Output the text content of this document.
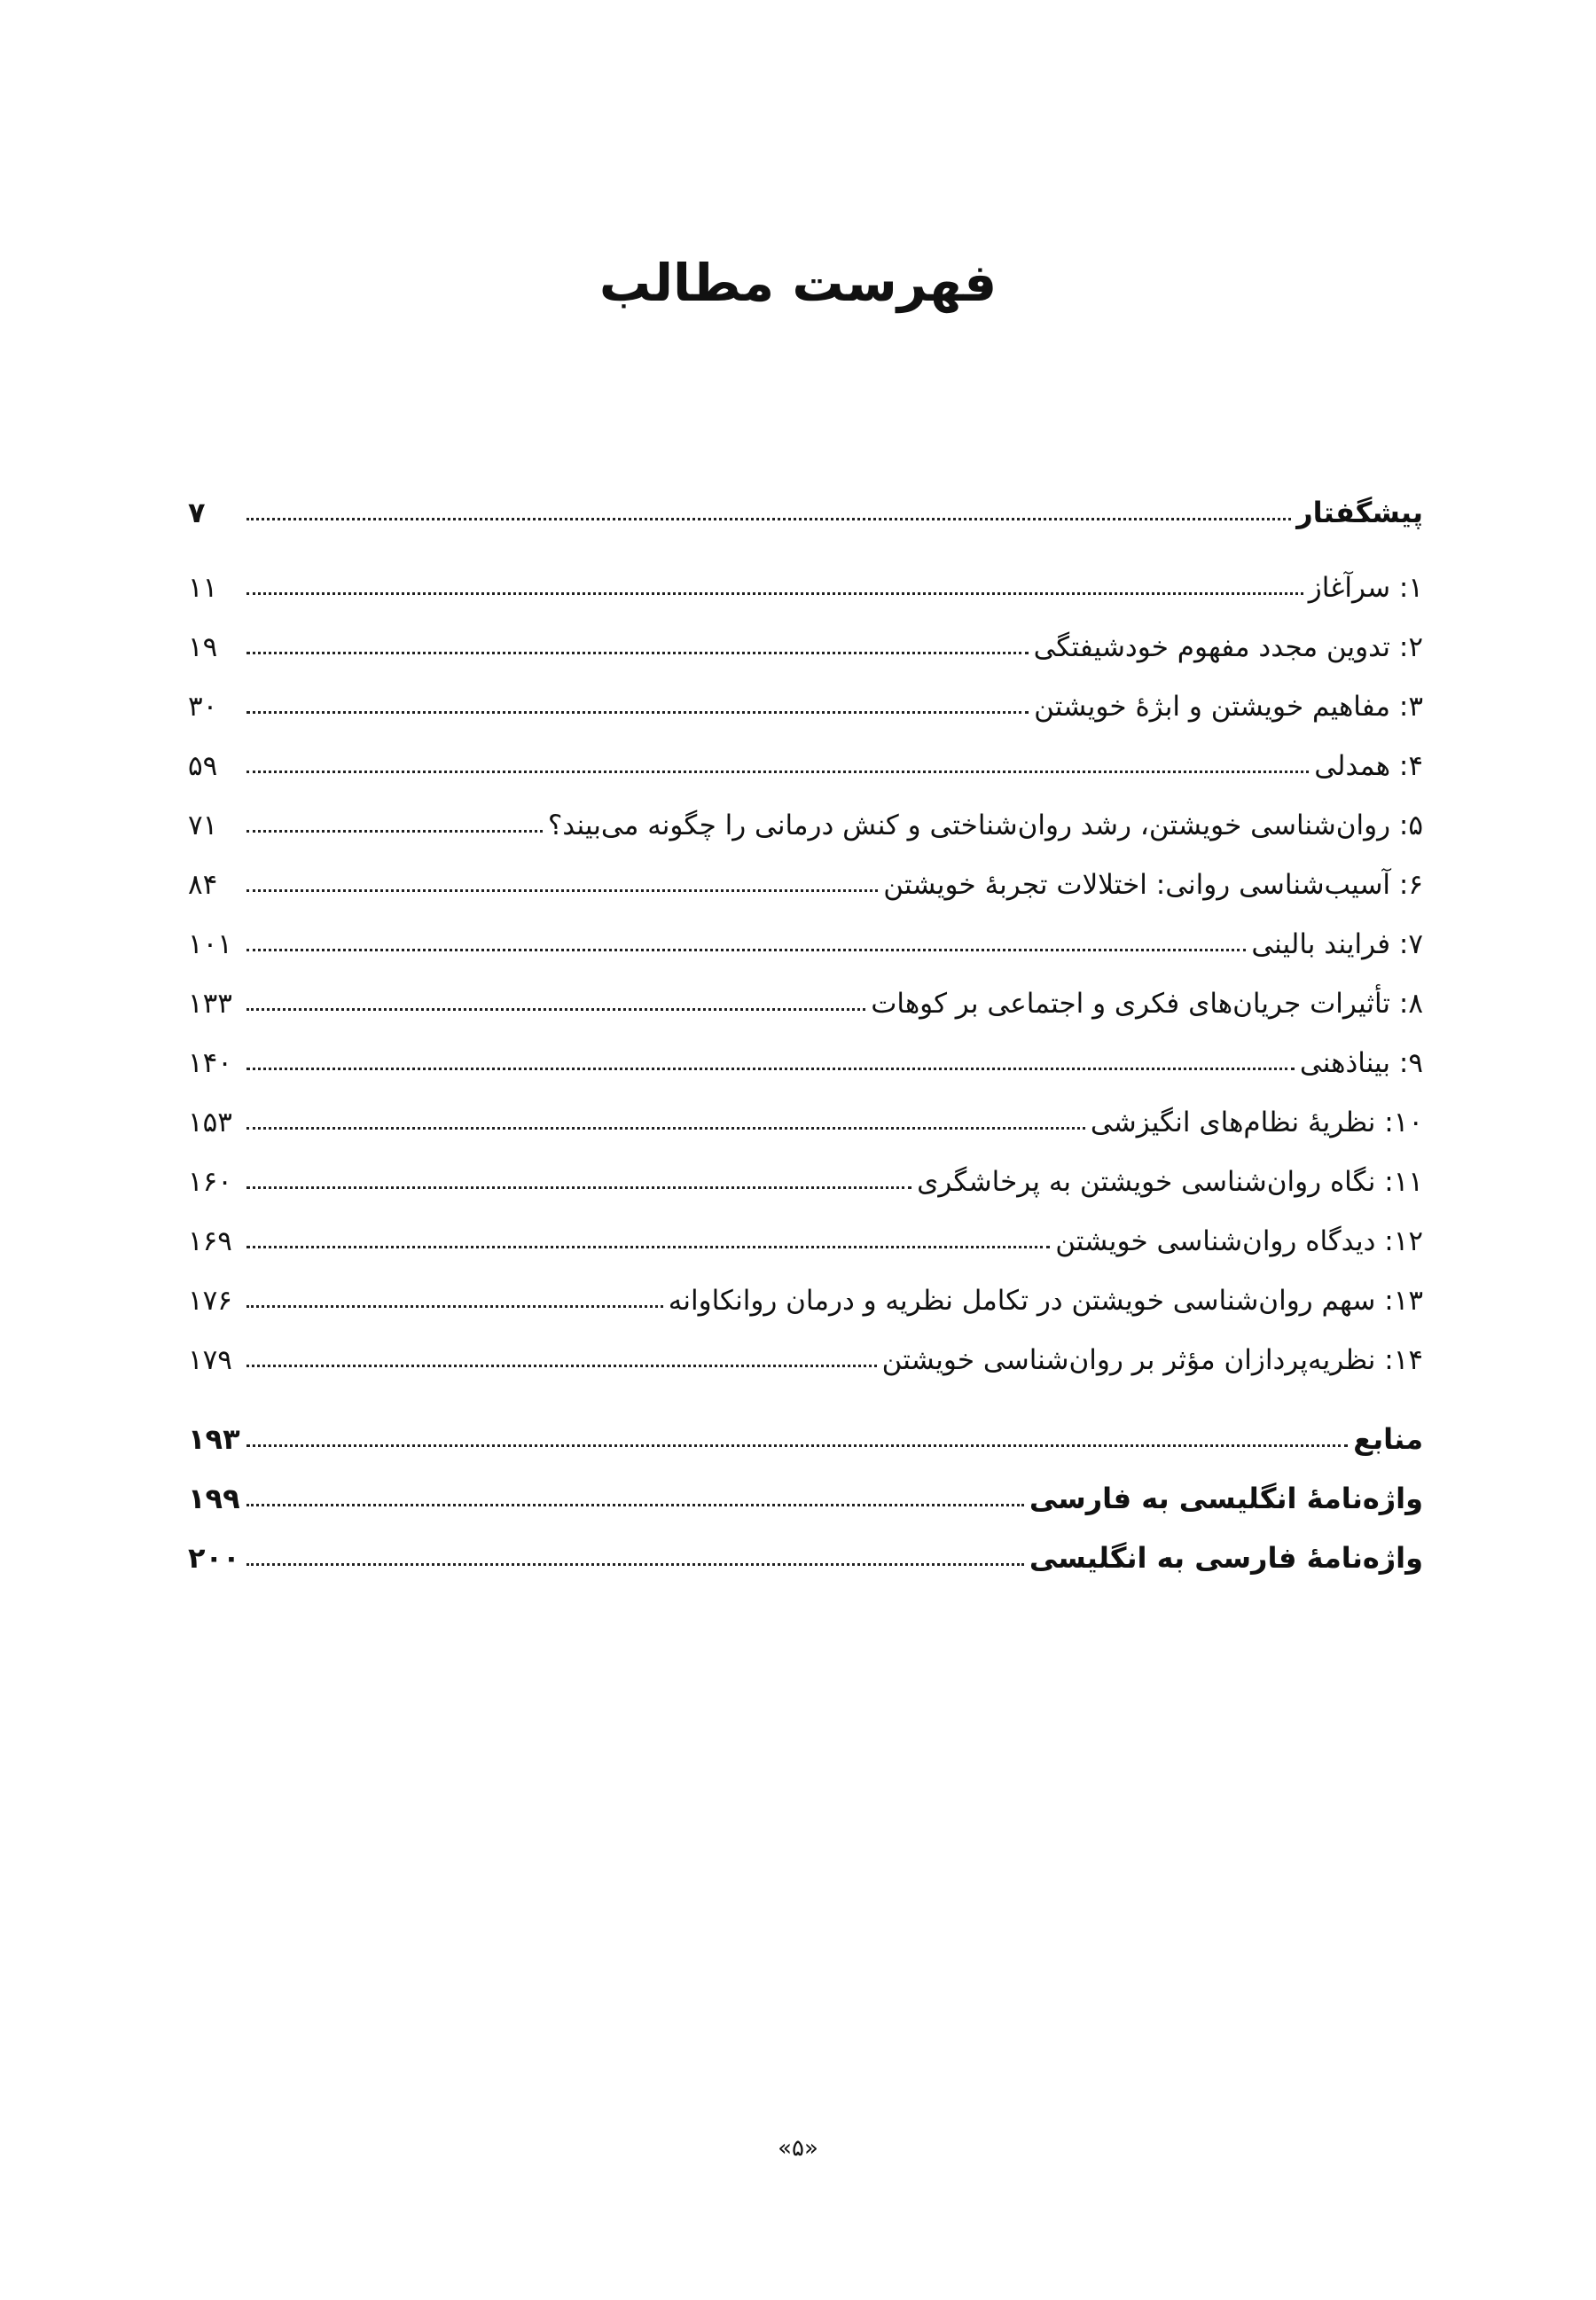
فهرست مطالب
پیشگفتار
۷
۱: سرآغاز
۱۱
۲: تدوین مجدد مفهوم خودشیفتگی
۱۹
۳: مفاهیم خویشتن و ابژهٔ خویشتن
۳۰
۴: همدلی
۵۹
۵: روان‌شناسی خویشتن، رشد روان‌شناختی و کنش درمانی را چگونه می‌بیند؟
۷۱
۶: آسیب‌شناسی روانی: اختلالات تجربهٔ خویشتن
۸۴
۷: فرایند بالینی
۱۰۱
۸: تأثیرات جریان‌های فکری و اجتماعی بر کوهات
۱۳۳
۹: بیناذهنی
۱۴۰
۱۰: نظریهٔ نظام‌های انگیزشی
۱۵۳
۱۱: نگاه روان‌شناسی خویشتن به پرخاشگری
۱۶۰
۱۲: دیدگاه روان‌شناسی خویشتن
۱۶۹
۱۳: سهم روان‌شناسی خویشتن در تکامل نظریه و درمان روانکاوانه
۱۷۶
۱۴: نظریه‌پردازان مؤثر بر روان‌شناسی خویشتن
۱۷۹
منابع
۱۹۳
واژه‌نامهٔ انگلیسی به فارسی
۱۹۹
واژه‌نامهٔ فارسی به انگلیسی
۲۰۰
«۵»
